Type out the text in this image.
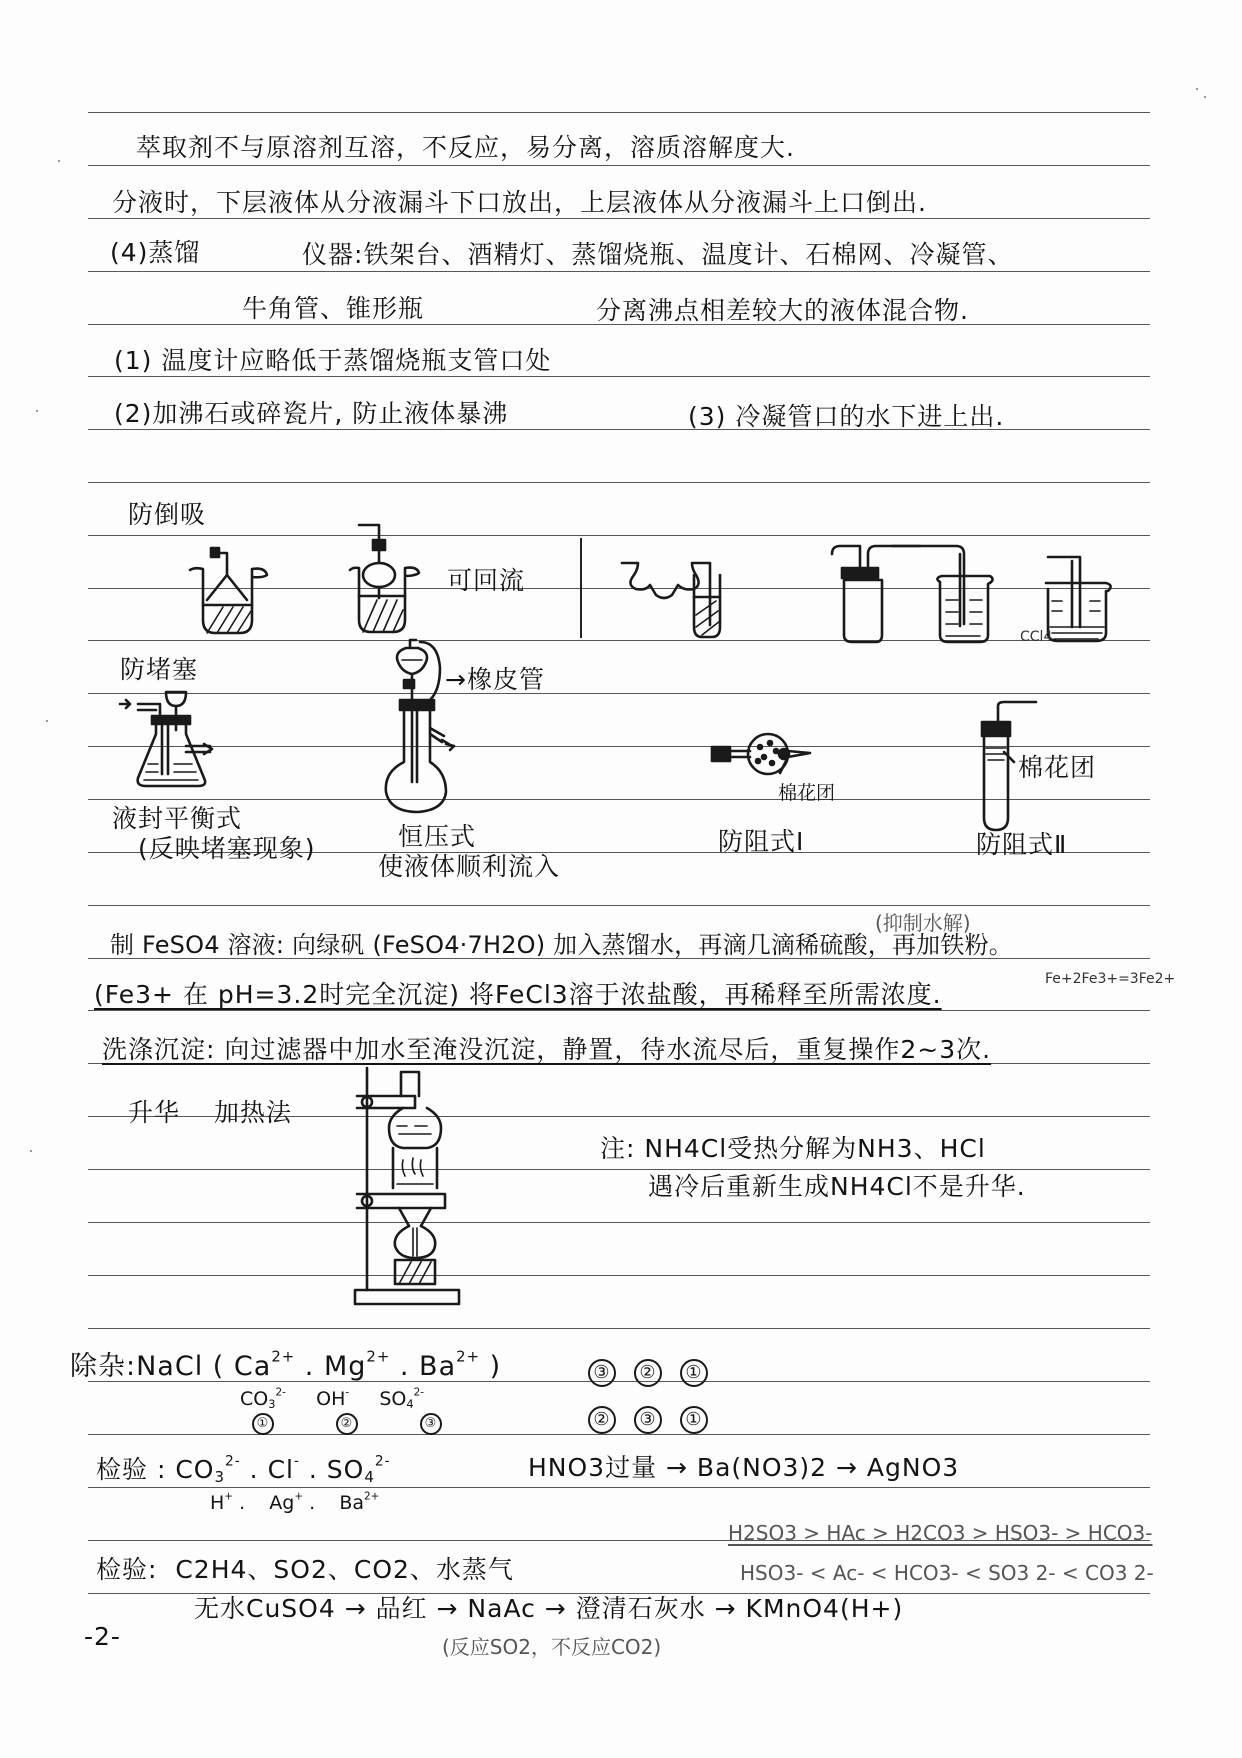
萃取剂不与原溶剂互溶，不反应，易分离，溶质溶解度大.
分液时，下层液体从分液漏斗下口放出，上层液体从分液漏斗上口倒出.
(4)蒸馏	仪器:铁架台、酒精灯、蒸馏烧瓶、温度计、石棉网、冷凝管、
牛角管、锥形瓶	分离沸点相差较大的液体混合物.
(1) 温度计应略低于蒸馏烧瓶支管口处
(2)加沸石或碎瓷片, 防止液体暴沸	(3) 冷凝管口的水下进上出.
防倒吸
可回流
CCl4
防堵塞	→橡皮管
液封平衡式
(反映堵塞现象)	恒压式
使液体顺利流入
棉花团
棉花团
防阻式Ⅰ	防阻式Ⅱ
(抑制水解)
制 FeSO4 溶液: 向绿矾 (FeSO4·7H2O) 加入蒸馏水，再滴几滴稀硫酸，再加铁粉。
Fe+2Fe3+=3Fe2+
(Fe3+ 在 pH=3.2时完全沉淀) 将FeCl3溶于浓盐酸，再稀释至所需浓度.
洗涤沉淀: 向过滤器中加水至淹没沉淀，静置，待水流尽后，重复操作2~3次.
升华 加热法
注: NH4Cl受热分解为NH3、HCl
遇冷后重新生成NH4Cl不是升华.
除杂:NaCl ( $Ca^{2+}$ . $Mg^{2+}$ . $Ba^{2+}$ )
$CO_3^{2-}$ OH- $SO_4^{2-}$
①	②	③
③ ② ①
② ③ ①
检验 : $CO_3^{2-}$ . Cl- . $SO_4^{2-}$
H+ .    Ag+ .    $Ba^{2+}$
HNO3过量 → Ba(NO3)2 → AgNO3
H2SO3 > HAc > H2CO3 > HSO3- > HCO3-
检验: C2H4、SO2、CO2、水蒸气	HSO3- < Ac- < HCO3- < SO3 2- < CO3 2-
无水CuSO4 → 品红 → NaAc → 澄清石灰水 → KMnO4(H+)
(反应SO2，不反应CO2)
-2-
